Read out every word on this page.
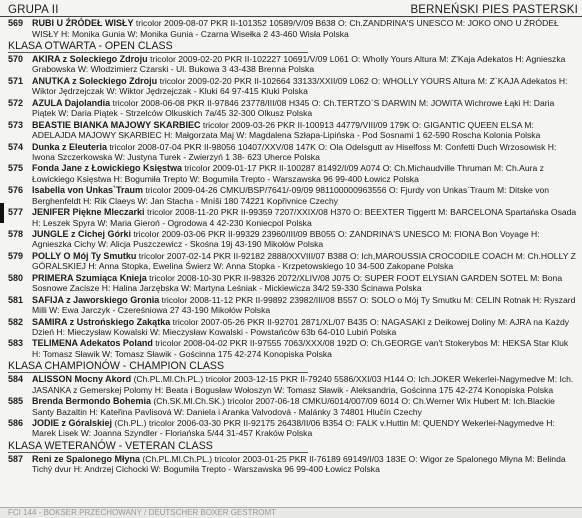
GRUPA II	BERNEŃSKI PIES PASTERSKI
569 RUBI U ŹRÓDEŁ WISŁY tricolor 2009-08-07 PKR II-101352 10589/V/09 B638 O: Ch.ZANDRINA'S UNESCO M: JOKO ONO U ŹRÓDEŁ WISŁY H: Monika Gunia W: Monika Gunia - Czarna Wisełka 2 43-460 Wisła Polska
KLASA OTWARTA - OPEN CLASS
570 AKIRA z Soleckiego Zdroju tricolor 2009-02-20 PKR II-102227 10691/V/09 L061 O: Wholly Yours Altura M: Z'Kaja Adekatos H: Agnieszka Grabowska W: Włodzimierz Czarski - Ul. Bukowa 3 43-438 Brenna Polska
571 ANUTKA z Soleckiego Zdroju tricolor 2009-02-20 PKR II-102664 33133/XXII/09 L062 O: WHOLLY YOURS Altura M: Z`KAJA Adekatos H: Wiktor Jędrzejczak W: Wiktor Jędrzejczak - Kluki 64 97-415 Kluki Polska
572 AZULA Dajolandia tricolor 2008-06-08 PKR II-97846 23778/III/08 H345 O: Ch.TERTZO`S DARWIN M: JOWITA Wichrowe Łąki H: Daria Piątek W: Daria Piątek - Strzelców Olkuskich 7a/45 32-300 Olkusz Polska
573 BEASTIE BIANKA MAJOWY SKARBIEC tricolor 2009-03-26 PKR II-100913 44779/VIII/09 179K O: GIGANTIC QUEEN ELSA M: ADELAJDA MAJOWY SKARBIEC H: Małgorzata Maj W: Magdalena Szłapa-Lipińska - Pod Sosnami 1 62-590 Roscha Kolonia Polska
574 Dunka z Eleuteria tricolor 2008-07-04 PKR II-98056 10407/XXV/08 147K O: Ola Odelsgutt av Hiselfoss M: Confetti Duch Wrzosowisk H: Iwona Szczerkowska W: Justyna Turek - Zwierzyń 1 38- 623 Uherce Polska
575 Fonda Jane z Łowickiego Księstwa tricolor 2009-01-17 PKR II-100287 81492/I/09 A074 O: Ch.Michaudville Thruman M: Ch.Aura z Łowickiego Księstwa H: Bogumiła Trepto W: Bogumiła Trepto - Warszawska 96 99-400 Łowicz Polska
576 Isabella von Unkas`Traum tricolor 2009-04-26 CMKU/BSP/7641/-09/09 981100000963556 O: Fjurdy von Unkas`Traum M: Ditske von Berghenfeldt H: Rik Claeys W: Jan Stacha - Mníši 180 74221 Kopřivnice Czechy
577 JENIFER Piękne Mleczarki tricolor 2008-11-20 PKR II-99359 7207/XXIX/08 H370 O: BEEXTER Tiggertt M: BARCELONA Spartańska Osada H: Leszek Spyra W: Maria Gieroń - Ogrodowa 4 42-230 Koniecpol Polska
578 JUNGLE z Cichej Górki tricolor 2009-03-06 PKR II-99329 23960/III/09 BB055 O: ZANDRINA'S UNESCO M: FIONA Bon Voyage H: Agnieszka Cichy W: Alicja Puszczewicz - Skośna 19j 43-190 Mikołów Polska
579 POLLY O Mój Ty Smutku tricolor 2007-02-14 PKR II-92182 2888/XXVIII/07 B388 O: Ich,MAROUSSIA CROCODILE COACH M: Ch.HOLLY Z GÓRALSKIEJ H: Anna Stopka, Ewelina Świerz W: Anna Stopka - Krzpetowskiego 10 34-500 Zakopane Polska
580 PRIMERA Szumiąca Knieja tricolor 2008-10-30 PKR II-98326 2072/XLIV/08 J075 O: SUPER FOOT ELYSIAN GARDEN SOTEL M: Bona Sosnowe Zacisze H: Halina Jarzębska W: Martyna Leśniak - Mickiewicza 34/2 59-330 Ścinawa Polska
581 SAFIJA z Jaworskiego Gronia tricolor 2008-11-12 PKR II-99892 23982/III/08 B557 O: SOLO o Mój Ty Smutku M: CELIN Rotnak H: Ryszard Milli W: Ewa Jarczyk - Czereśniowa 27 43-190 Mikołów Polska
582 SAMIRA z Ustrońskiego Zakątka tricolor 2007-05-26 PKR II-92701 2871/XL/07 B435 O: NAGASAKI z Deikowej Doliny M: AJRA na Każdy Dzień H: Mieczysław Kowalski W: Mieczysław Kowalski - Powstańców 63b 64-010 Lubiń Polska
583 TELIMENA Adekatos Poland tricolor 2008-04-02 PKR II-97555 7063/XXX/08 192D O: Ch.GEORGE van't Stokerybos M: HEKSA Star Kluk H: Tomasz Sławik W: Tomasz Sławik - Gościnna 175 42-274 Konopiska Polska
KLASA CHAMPIONÓW - CHAMPION CLASS
584 ALISSON Mocny Akord (Ch.PL.Ml.Ch.PL.) tricolor 2003-12-15 PKR II-79240 5586/XXI/03 H144 O: Ich.JOKER Wekerlei-Nagymedve M: Ich. JASANKA z Gemerskej Polomy H: Beata i Bogusław Wołoszyn W: Tomasz Sławik - Aleksandria, Gościnna 175 42-274 Konopiska Polska
585 Brenda Bermondo Bohemia (Ch.SK.Ml.Ch.SK.) tricolor 2007-06-18 CMKU/6014/007/09 6014 O: Ch.Werner Wix Hubert M: Ich.Blackie Santy Bazaltin H: Kateřina Pavlisová W: Daniela i Aranka Valvodová - Malánky 3 74801 Hlučín Czechy
586 JODIE z Góralskiej (Ch.PL.) tricolor 2006-03-30 PKR II-92175 26438/II/06 B354 O: FALK v.Huttin M: QUENDY Wekerlei-Nagymedve H: Marek Lisek W: Joanna Szyndler - Floriańska 5/44 31-457 Kraków Polska
KLASA WETERANÓW - VETERAN CLASS
587 Reni ze Spalonego Młyna (Ch.PL.Ml.Ch.PL.) tricolor 2003-01-25 PKR II-76189 69149/I/03 183E O: Wigor ze Spalonego Młyna M: Belinda Tichý dvur H: Andrzej Cichocki W: Bogumiła Trepto - Warszawska 96 99-400 Łowicz Polska
FCI 144 - BOKSER PRZECHOWANY / DEUTSCHER BOXER GESTROMT
